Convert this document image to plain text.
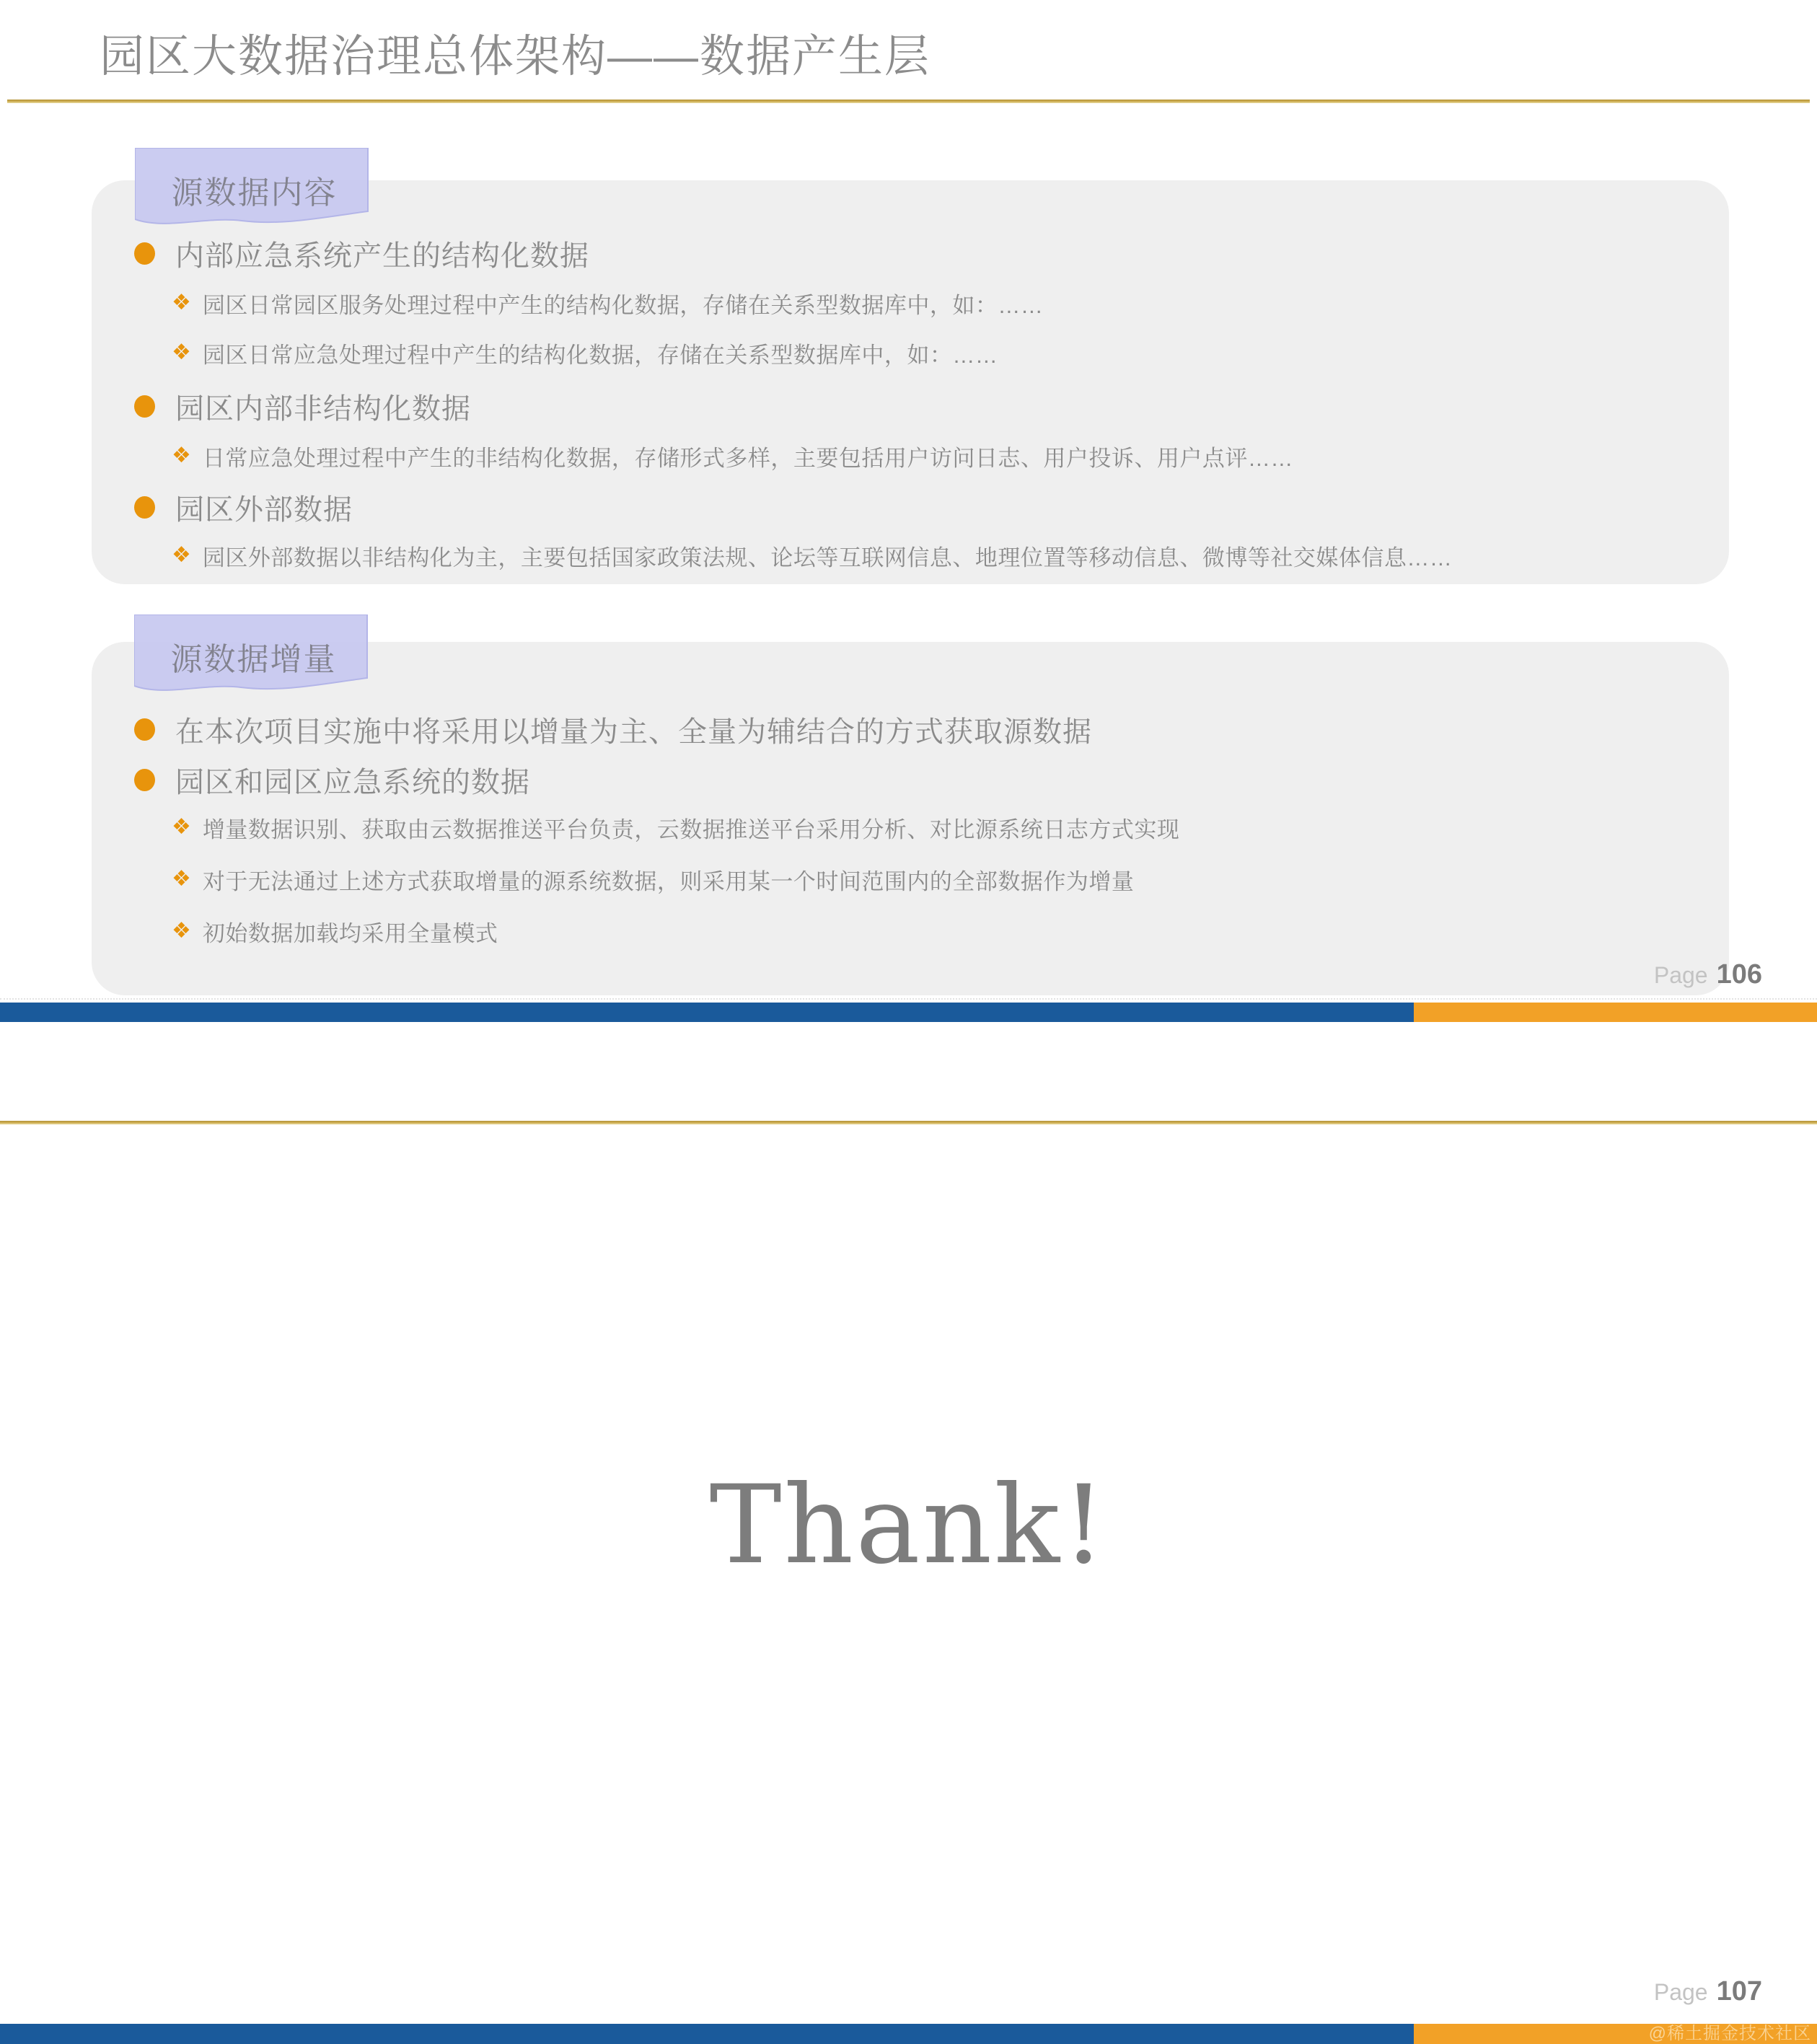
园区大数据治理总体架构——数据产生层
源数据内容
内部应急系统产生的结构化数据
❖ 园区日常园区服务处理过程中产生的结构化数据，存储在关系型数据库中，如：……
❖ 园区日常应急处理过程中产生的结构化数据，存储在关系型数据库中，如：……
园区内部非结构化数据
❖ 日常应急处理过程中产生的非结构化数据，存储形式多样，主要包括用户访问日志、用户投诉、用户点评……
园区外部数据
❖ 园区外部数据以非结构化为主，主要包括国家政策法规、论坛等互联网信息、地理位置等移动信息、微博等社交媒体信息……
源数据增量
在本次项目实施中将采用以增量为主、全量为辅结合的方式获取源数据
园区和园区应急系统的数据
❖ 增量数据识别、获取由云数据推送平台负责，云数据推送平台采用分析、对比源系统日志方式实现
❖ 对于无法通过上述方式获取增量的源系统数据，则采用某一个时间范围内的全部数据作为增量
❖ 初始数据加载均采用全量模式
Page 106
Thank!
Page 107
@稀土掘金技术社区
